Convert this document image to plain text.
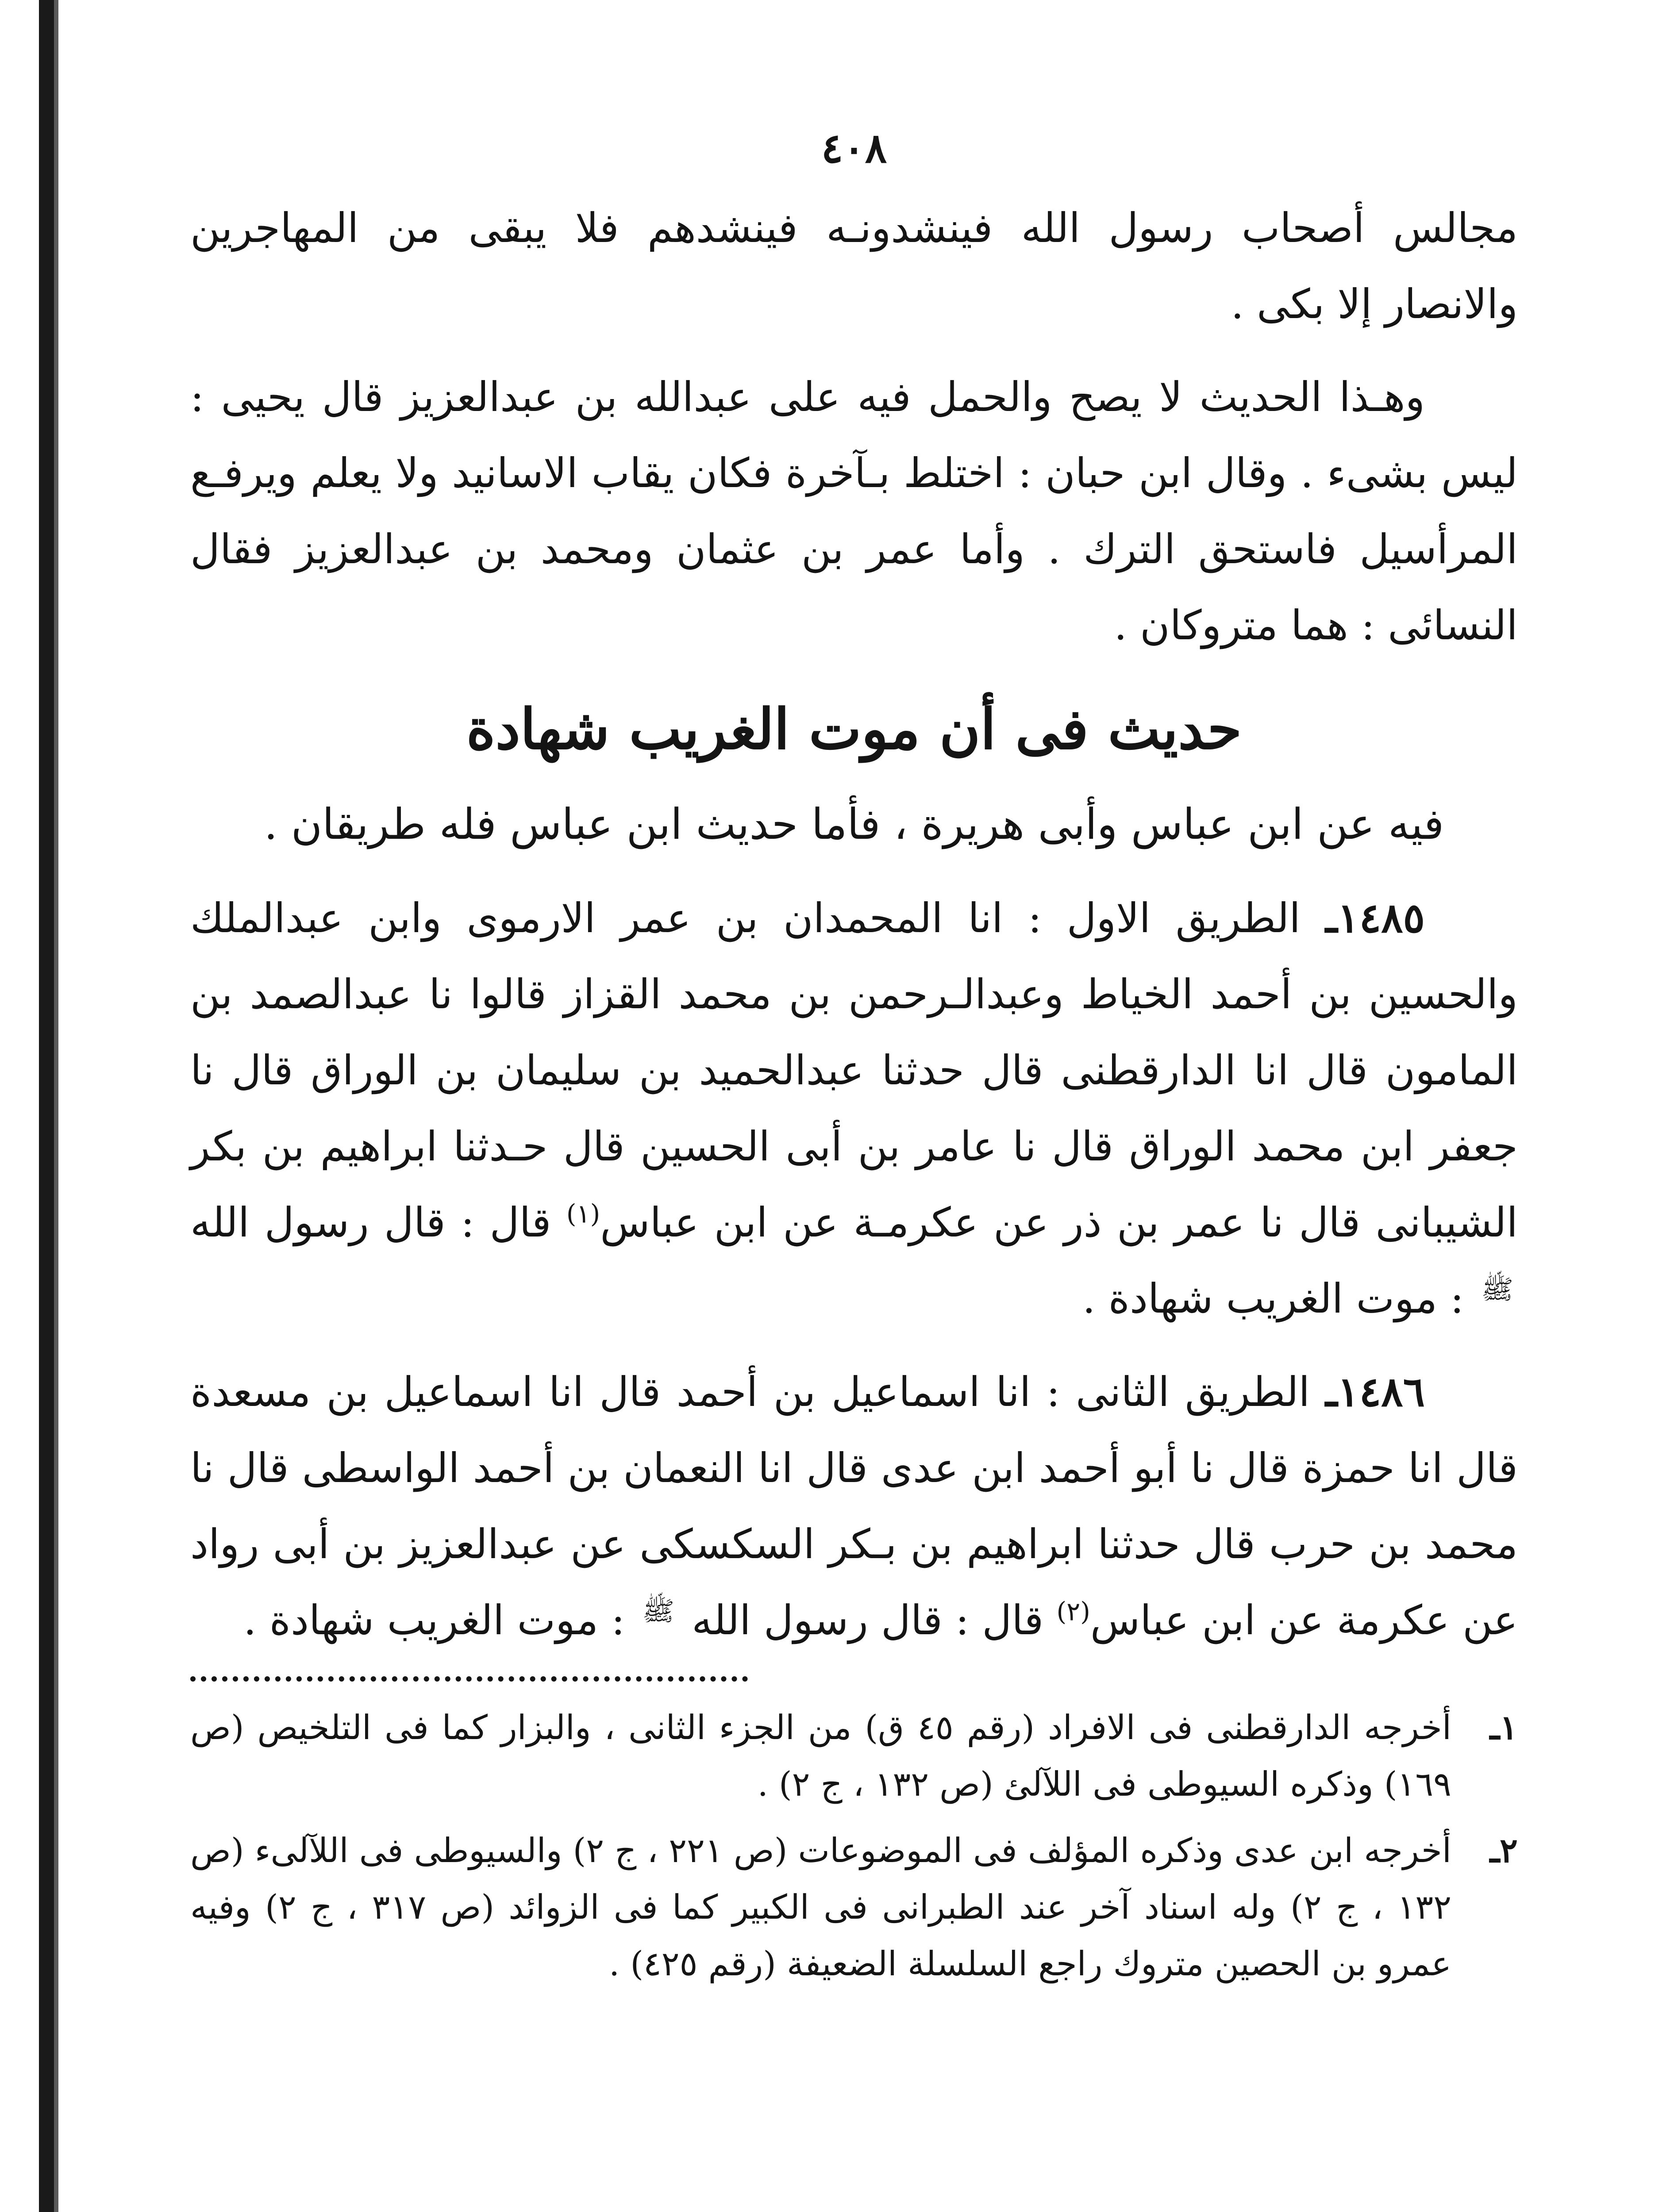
٤٠٨

مجالس أصحاب رسول الله فينشدونـه فينشدهم فلا يبقى من المهاجرين والانصار إلا بكى .

وهـذا الحديث لا يصح والحمل فيه على عبدالله بن عبدالعزيز قال يحيى : ليس بشىء . وقال ابن حبان : اختلط بـآخرة فكان يقاب الاسانيد ولا يعلم ويرفـع المرأسيل فاستحق الترك . وأما عمر بن عثمان ومحمد بن عبدالعزيز فقال النسائى : هما متروكان .

حديث فى أن موت الغريب شهادة

فيه عن ابن عباس وأبى هريرة ، فأما حديث ابن عباس فله طريقان .

١٤٨٥ـ الطريق الاول : انا المحمدان بن عمر الارموى وابن عبدالملك والحسين بن أحمد الخياط وعبدالـرحمن بن محمد القزاز قالوا نا عبدالصمد بن المامون قال انا الدارقطنى قال حدثنا عبدالحميد بن سليمان بن الوراق قال نا جعفر ابن محمد الوراق قال نا عامر بن أبى الحسين قال حـدثنا ابراهيم بن بكر الشيبانى قال نا عمر بن ذر عن عكرمـة عن ابن عباس$^{(١)}$ قال : قال رسول الله $^ﷺ$ : موت الغريب شهادة .

١٤٨٦ـ الطريق الثانى : انا اسماعيل بن أحمد قال انا اسماعيل بن مسعدة قال انا حمزة قال نا أبو أحمد ابن عدى قال انا النعمان بن أحمد الواسطى قال نا محمد بن حرب قال حدثنا ابراهيم بن بـكر السكسكى عن عبدالعزيز بن أبى رواد عن عكرمة عن ابن عباس$^{(٢)}$ قال : قال رسول الله $^ﷺ$ : موت الغريب شهادة .

١ـ
أخرجه الدارقطنى فى الافراد (رقم ٤٥ ق) من الجزء الثانى ، والبزار كما فى التلخيص (ص ١٦٩) وذكره السيوطى فى اللآلئ (ص ١٣٢ ، ج ٢) .
٢ـ
أخرجه ابن عدى وذكره المؤلف فى الموضوعات (ص ٢٢١ ، ج ٢) والسيوطى فى اللآلىء (ص ١٣٢ ، ج ٢) وله اسناد آخر عند الطبرانى فى الكبير كما فى الزوائد (ص ٣١٧ ، ج ٢) وفيه عمرو بن الحصين متروك راجع السلسلة الضعيفة (رقم ٤٢٥) .
